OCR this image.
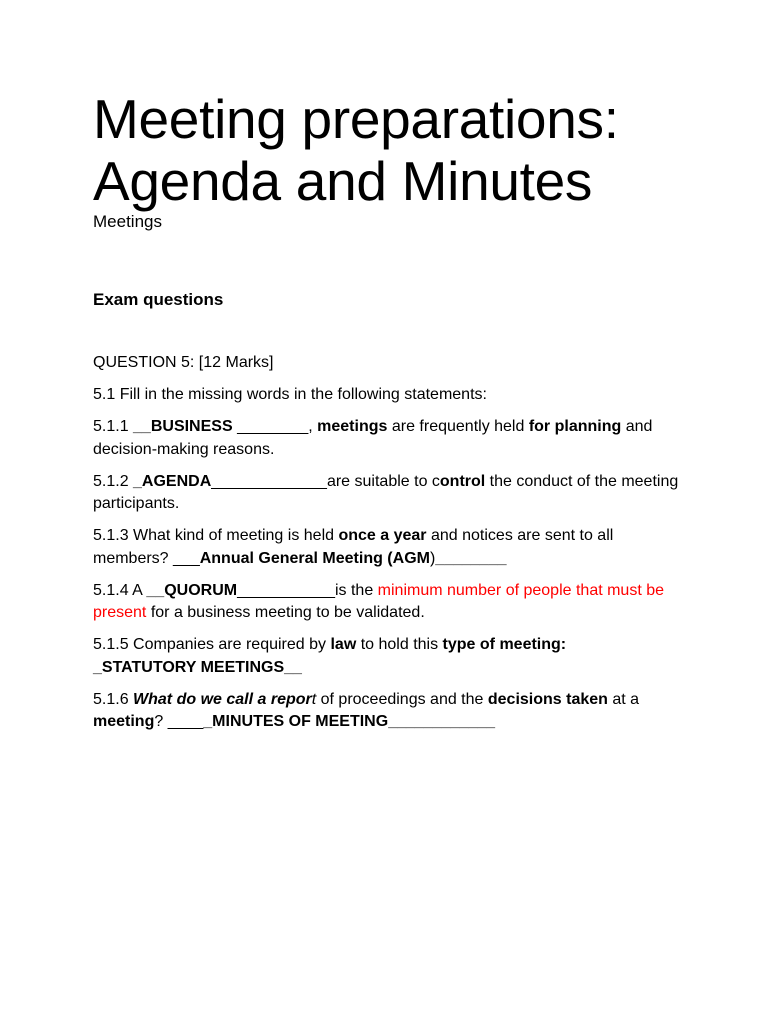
Meeting preparations:
Agenda and Minutes

Meetings

Exam questions

QUESTION 5: [12 Marks]

5.1 Fill in the missing words in the following statements:

5.1.1 __BUSINESS ________, meetings are frequently held for planning and decision-making reasons.

5.1.2 _AGENDA_____________are suitable to control the conduct of the meeting participants.

5.1.3 What kind of meeting is held once a year and notices are sent to all members? ___Annual General Meeting (AGM)________

5.1.4 A __QUORUM___________is the minimum number of people that must be present for a business meeting to be validated.

5.1.5 Companies are required by law to hold this type of meeting:
_STATUTORY MEETINGS__

5.1.6 What do we call a report of proceedings and the decisions taken at a meeting? _____MINUTES OF MEETING____________
